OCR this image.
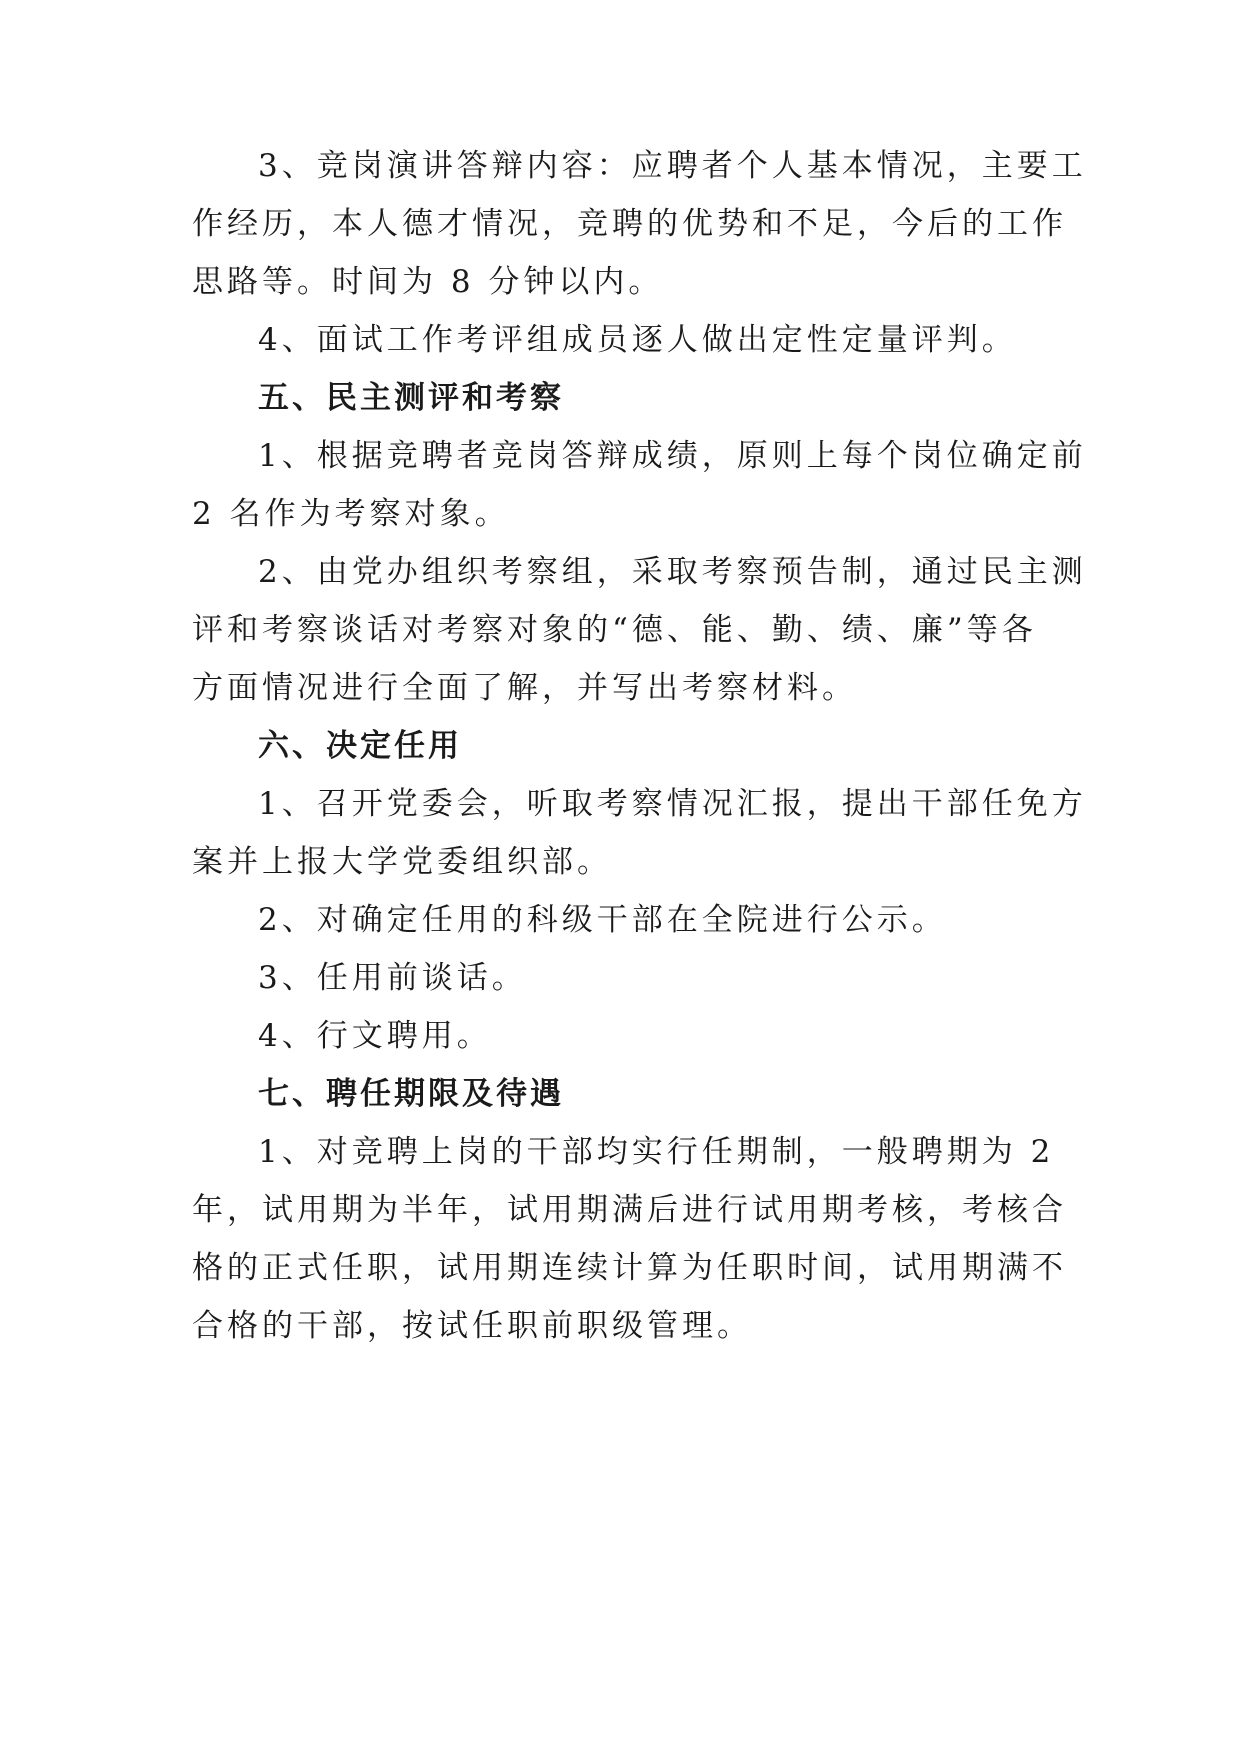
3、竞岗演讲答辩内容：应聘者个人基本情况，主要工
作经历，本人德才情况，竞聘的优势和不足，今后的工作
思路等。时间为 8 分钟以内。
4、面试工作考评组成员逐人做出定性定量评判。
五、民主测评和考察
1、根据竞聘者竞岗答辩成绩，原则上每个岗位确定前
2 名作为考察对象。
2、由党办组织考察组，采取考察预告制，通过民主测
评和考察谈话对考察对象的“德、能、勤、绩、廉”等各
方面情况进行全面了解，并写出考察材料。
六、决定任用
1、召开党委会，听取考察情况汇报，提出干部任免方
案并上报大学党委组织部。
2、对确定任用的科级干部在全院进行公示。
3、任用前谈话。
4、行文聘用。
七、聘任期限及待遇
1、对竞聘上岗的干部均实行任期制，一般聘期为 2
年，试用期为半年，试用期满后进行试用期考核，考核合
格的正式任职，试用期连续计算为任职时间，试用期满不
合格的干部，按试任职前职级管理。
